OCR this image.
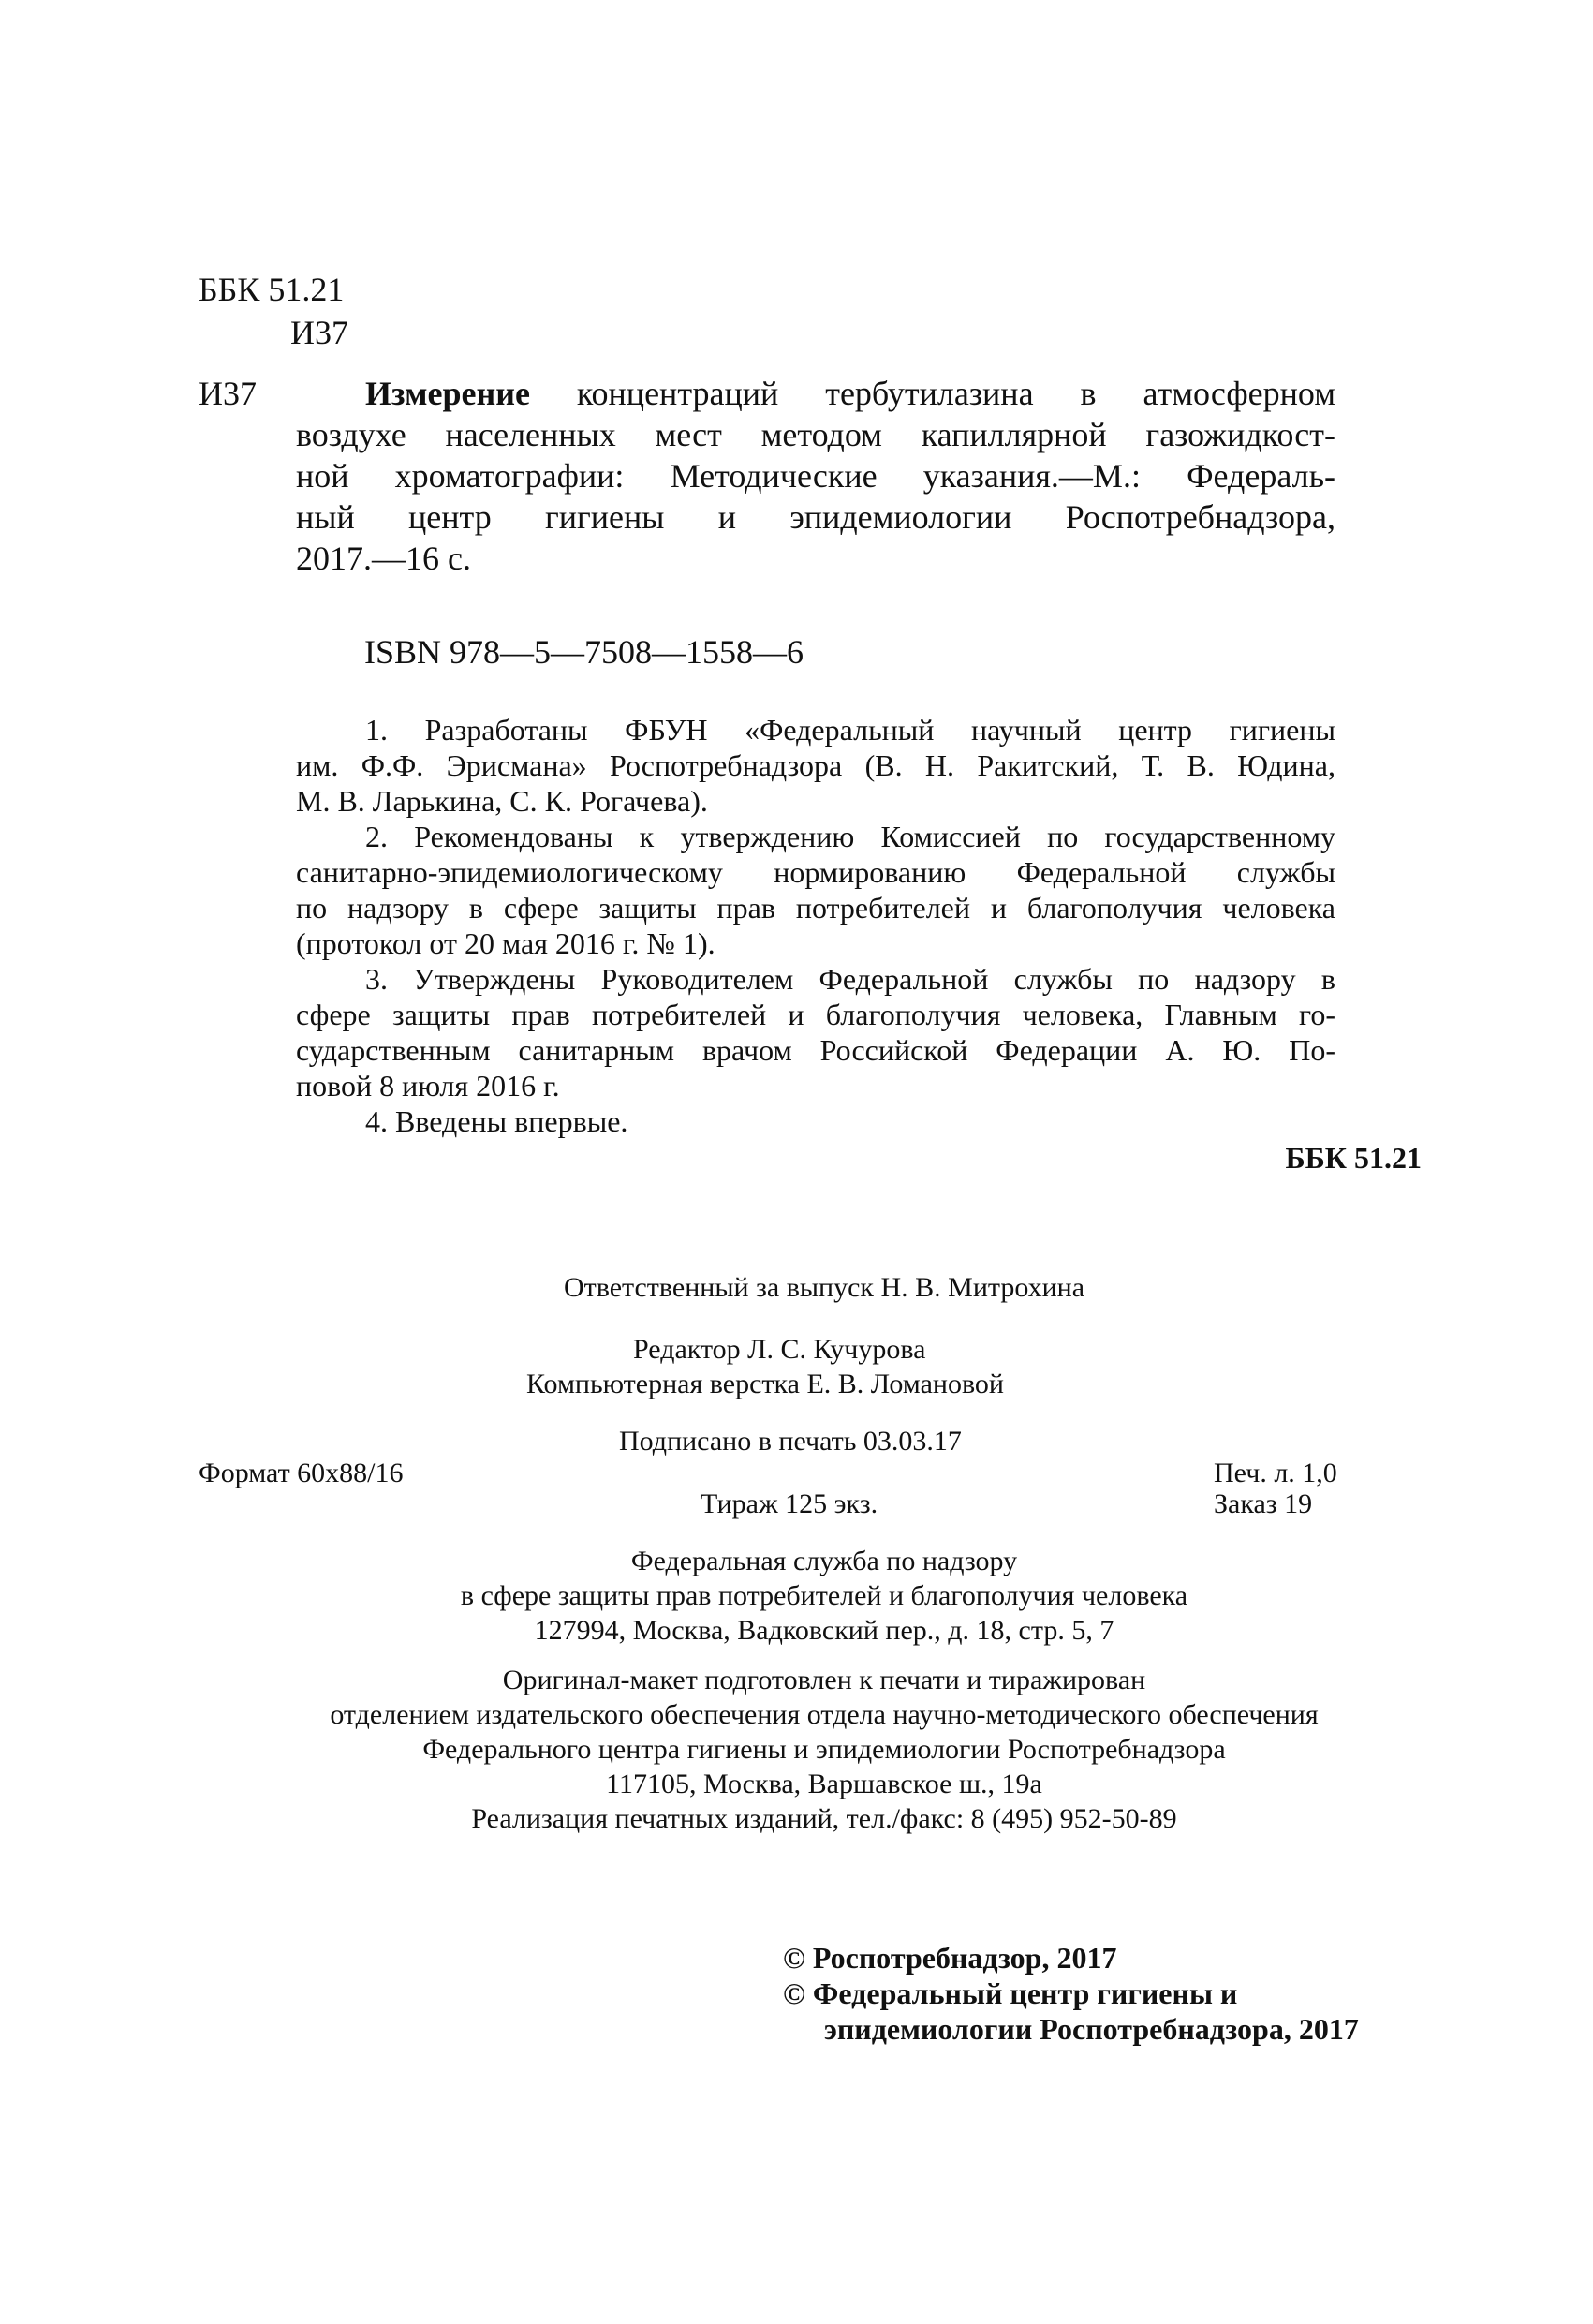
ББК 51.21
И37
И37	Измерение концентраций тербутилазина в атмосферном
воздухе населенных мест методом капиллярной газожидкост-
ной хроматографии: Методические указания.—М.: Федераль-
ный центр гигиены и эпидемиологии Роспотребнадзора,
2017.—16 с.
ISBN 978—5—7508—1558—6
1. Разработаны ФБУН «Федеральный научный центр гигиены
им. Ф.Ф. Эрисмана» Роспотребнадзора (В. Н. Ракитский, Т. В. Юдина,
М. В. Ларькина, С. К. Рогачева).
2. Рекомендованы к утверждению Комиссией по государственному
санитарно-эпидемиологическому нормированию Федеральной службы
по надзору в сфере защиты прав потребителей и благополучия человека
(протокол от 20 мая 2016 г. № 1).
3. Утверждены Руководителем Федеральной службы по надзору в
сфере защиты прав потребителей и благополучия человека, Главным го-
сударственным санитарным врачом Российской Федерации А. Ю. По-
повой 8 июля 2016 г.
4. Введены впервые.
ББК 51.21
Ответственный за выпуск Н. В. Митрохина
Редактор Л. С. Кучурова
Компьютерная верстка Е. В. Ломановой
Подписано в печать 03.03.17
Формат 60х88/16	Печ. л. 1,0
Тираж 125 экз.	Заказ 19
Федеральная служба по надзору
в сфере защиты прав потребителей и благополучия человека
127994, Москва, Вадковский пер., д. 18, стр. 5, 7
Оригинал-макет подготовлен к печати и тиражирован
отделением издательского обеспечения отдела научно-методического обеспечения
Федерального центра гигиены и эпидемиологии Роспотребнадзора
117105, Москва, Варшавское ш., 19а
Реализация печатных изданий, тел./факс: 8 (495) 952-50-89
© Роспотребнадзор, 2017
© Федеральный центр гигиены и
эпидемиологии Роспотребнадзора, 2017
